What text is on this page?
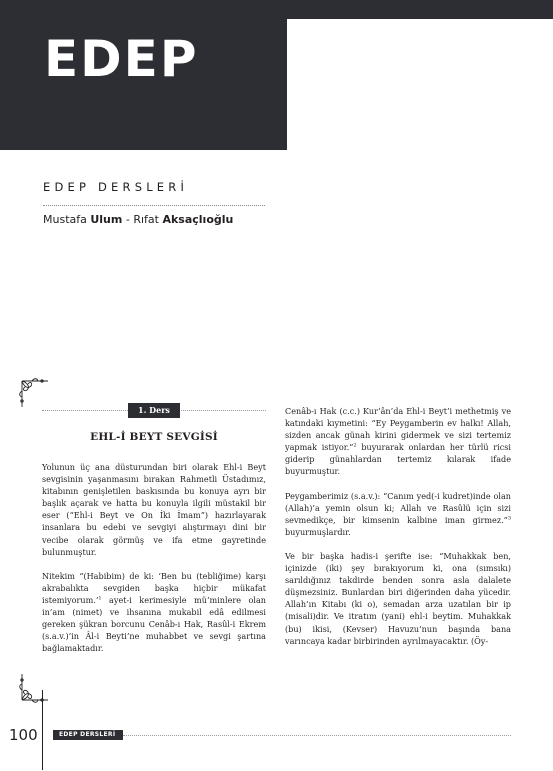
EDEP
EDEP DERSLERİ
Mustafa Ulum - Rıfat Aksaçlıoğlu
1. Ders
EHL-İ BEYT SEVGİSİ

Yolunun üç ana düsturundan biri olarak Ehl-i Beyt sevgisinin yaşanmasını bırakan Rahmetli Üstadımız, kitabının genişletilen baskısında bu konuya ayrı bir başlık açarak ve hatta bu konuyla ilgili müstakil bir eser (“Ehl-i Beyt ve On İki İmam”) hazırlayarak insanlara bu edebi ve sevgiyi alıştırmayı dini bir vecibe olarak görmüş ve ifa etme gayretinde bulunmuştur.

Nitekim “(Habibim) de ki: ‘Ben bu (tebliğime) karşı akrabalıkta sevgiden başka hiçbir mükafat istemiyorum.’$^1$ ayet-i kerimesiyle mü’minlere olan in’am (nimet) ve ihsanına mukabil edâ edilmesi gereken şükran borcunu Cenâb-ı Hak, Rasûl-i Ekrem (s.a.v.)’in Âl-i Beyti’ne muhabbet ve sevgi şartına bağlamaktadır.

Cenâb-ı Hak (c.c.) Kur’ân’da Ehl-i Beyt’i methetmiş ve katındaki kıymetini: “Ey Peygamberin ev halkı! Allah, sizden ancak günah kirini gidermek ve sizi tertemiz yapmak istiyor.”$^2$ buyurarak onlardan her türlü ricsi giderip günahlardan tertemiz kılarak ifade buyurmuştur.

Peygamberimiz (s.a.v.): “Canım yed(-i kudret)inde olan (Allah)’a yemin olsun ki; Allah ve Rasûlü için sizi sevmedikçe, bir kimsenin kalbine iman girmez.”$^3$ buyurmuşlardır.

Ve bir başka hadis-i şerifte ise: “Muhakkak ben, içinizde (iki) şey bırakıyorum ki, ona (sımsıkı) sarıldığınız takdirde benden sonra asla dalalete düşmezsiniz. Bunlardan biri diğerinden daha yücedir. Allah’ın Kitabı (ki o), semadan arza uzatılan bir ip (misali)dir. Ve itratım (yani) ehl-i beytim. Muhakkak (bu) ikisi, (Kevser) Havuzu’nun başında bana varıncaya kadar birbirinden ayrılmayacaktır. (Öy-

100	EDEP DERSLERİ
